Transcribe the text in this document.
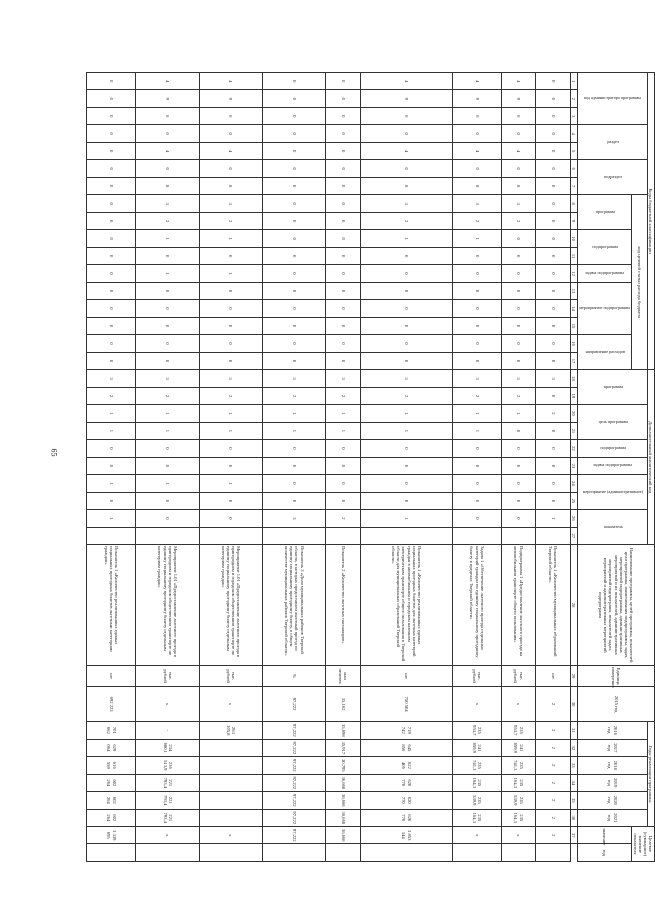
65
Коды бюджетной классификации																	Дополнительный аналитический код										Наименование программы, целей программы, показателей цели программы, наименования подпрограммы, задач, мероприятий подпрограммы, административных мероприятий и их показателей, административных мероприятий подпрограмм, показателей задач, мероприятий и административных мероприятий подпрограмм	Единица измерения	2015 год	Годы реализации программы						Целевое (суммарное) значение показателя	
код администратора программы			раздел		подраздел		код целевой статьи расхода бюджета										программа		цель программы		подпрограмма	задача подпрограммы	мероприятие (административное)		показатель					2016 год	2017 год	2018 год	2019 год	2020 год	2021 год		
							программа		подпрограмма		задача подпрограммы	мероприятие подпрограммы			направление расходов																					значение	год
1	2	3	4	5	6	7	8	9	10	11	12	13	14	15	16	17	18	19	20	21	22	23	24	25	26	27	28	29	30	31	32	33	34	35	36	37	
0	0	0	0	0	0	0	0	0	0	0	0	0	0	0	0	0	3	0	2	0	0	0	0	0	1		Показатель 1 «Количество муниципальных образований Тверской области»	шт	2	2	2	2	2	2	2	2	
4	9	6	0	4	0	8	3	2	0	0	0	0	0	0	0	0	3	2	1	0	0	0	0	0	0		Подпрограмма 1 «Предоставление льготного проезда на автомобильном транспорте общего пользования»	тыс. рублей	x	235 953,7	241 859,9	235 741,3	235 164,3	235 539,9	235 164,3	x	
4	9	6	0	4	0	8	3	2	1	0	0	0	0	0	0	0	3	2	1	1	0	0	0	0	0		Задача 1 «Обеспечение льготного проезда отдельных категорий граждан по единому социальному проездному билету в пределах Тверской области»	тыс. рублей	x	235 953,7	241 859,9	235 741,3	235 164,3	235 539,9	235 164,3	x	
4	9	6	0	4	0	8	3	2	1	0	0	0	0	0	0	0	3	2	1	1	0	0	0	0	1		Показатель 1 «Количество реализованных единых социальных проездных билетов для льготных категорий граждан в автомобильном и городском наземном электрическом транспорте общего пользования в Тверской области для муниципальных образований Тверской области»	шт	750 504	719 742	645 856	622 406	620 770	620 770	620 770	3 853 344	
0	0	0	0	0	0	0	0	0	0	0	0	0	0	0	0	0	3	2	1	1	0	0	0	0	2		Показатель 2 «Количество льготных пассажиров»	млн человек	35,162	35,698	35,917	30,795	36,668	36,668	36,668	36,668	
0	0	0	0	0	0	0	0	0	0	0	0	0	0	0	0	0	3	2	1	1	0	0	0	0	3		Показатель 3 «Доля муниципальных районов Тверской области, в которых предоставлен льготный проезд по единому социальному проездному билету, в общем количестве муниципальных районов Тверской области»	%	97,222	97,222	97,222	97,222	97,222	97,222	97,222	97,222	
4	9	6	0	4	0	8	3	2	1	0	1	0	0	0	0	0	3	2	1	1	0	0	1	0	0		Мероприятие 1.01 «Предоставление льготного проезда в пригородном и городском общественном транспорте по единому социальному проездному билету отдельным категориям граждан»	тыс. рублей	x	263 105,8						x	
4	9	6	0	4	0	8	3	2	1	0	1	0	0	0	0	0	3	2	1	1	0	0	1	0	0		Мероприятие 1.01 «Предоставление льготного проезда в пригородном и городском общественном транспорте по единому социальному проездному билету отдельным категориям граждан»	тыс. рублей	x	-	234 680,1	236 513,9	221 793,4	221 793,4	221 793,4	x	
0	0	0	0	0	0	0	0	0	0	0	0	0	0	0	0	0	3	2	1	1	0	0	1	0	1		Показатель 1 «Количество реализованных единых социальных проездных билетов льготным категориям граждан»	шт	692 223	701 662	629 064	616 559	602 264	602 264	602 264	3 339 695	
